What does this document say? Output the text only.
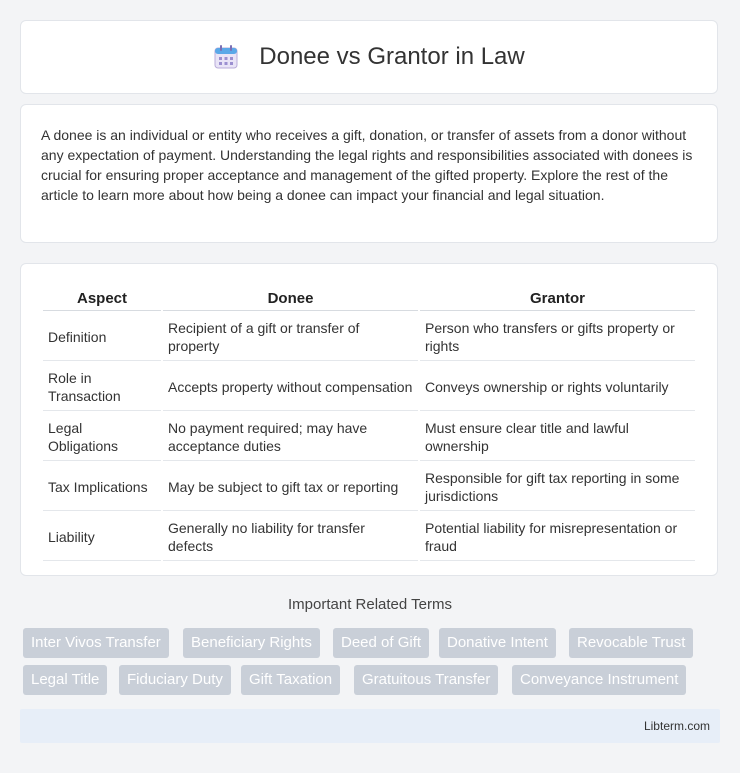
Donee vs Grantor in Law

A donee is an individual or entity who receives a gift, donation, or transfer of assets from a donor without any expectation of payment. Understanding the legal rights and responsibilities associated with donees is crucial for ensuring proper acceptance and management of the gifted property. Explore the rest of the article to learn more about how being a donee can impact your financial and legal situation.

Aspect	Donee	Grantor
Definition	Recipient of a gift or transfer of property	Person who transfers or gifts property or rights
Role in Transaction	Accepts property without compensation	Conveys ownership or rights voluntarily
Legal Obligations	No payment required; may have acceptance duties	Must ensure clear title and lawful ownership
Tax Implications	May be subject to gift tax or reporting	Responsible for gift tax reporting in some jurisdictions
Liability	Generally no liability for transfer defects	Potential liability for misrepresentation or fraud
Important Related Terms
Inter Vivos Transfer	Beneficiary Rights	Deed of Gift	Donative Intent	Revocable Trust
Legal Title	Fiduciary Duty	Gift Taxation	Gratuitous Transfer	Conveyance Instrument
Libterm.com
